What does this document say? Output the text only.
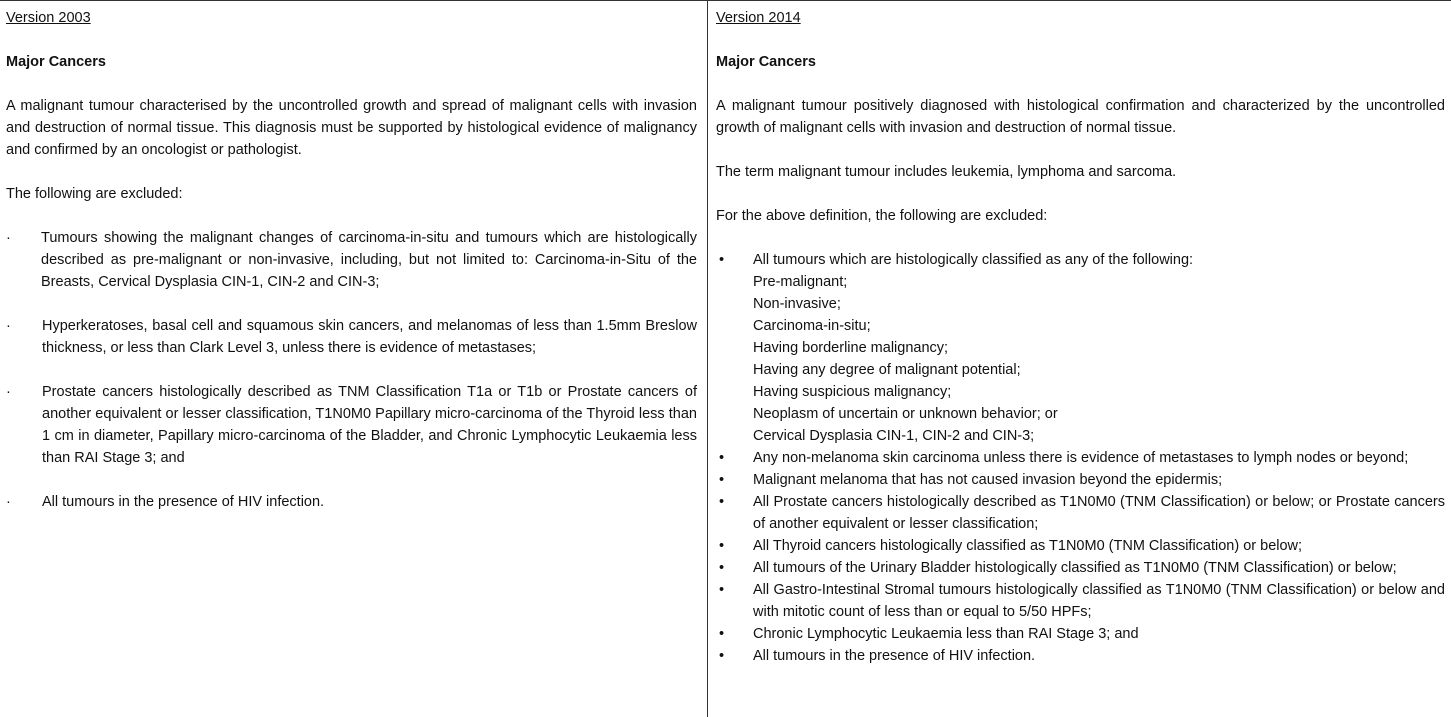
Version 2003

Major Cancers

A malignant tumour characterised by the uncontrolled growth and spread of malignant cells with invasion and destruction of normal tissue. This diagnosis must be supported by histological evidence of malignancy and confirmed by an oncologist or pathologist.

The following are excluded:

·	Tumours showing the malignant changes of carcinoma-in-situ and tumours which are histologically described as pre-malignant or non-invasive, including, but not limited to: Carcinoma-in-Situ of the Breasts, Cervical Dysplasia CIN-1, CIN-2 and CIN-3;
·	Hyperkeratoses, basal cell and squamous skin cancers, and melanomas of less than 1.5mm Breslow thickness, or less than Clark Level 3, unless there is evidence of metastases;
·	Prostate cancers histologically described as TNM Classification T1a or T1b or Prostate cancers of another equivalent or lesser classification, T1N0M0 Papillary micro-carcinoma of the Thyroid less than 1 cm in diameter, Papillary micro-carcinoma of the Bladder, and Chronic Lymphocytic Leukaemia less than RAI Stage 3; and
·	All tumours in the presence of HIV infection.

Version 2014

Major Cancers

A malignant tumour positively diagnosed with histological confirmation and characterized by the uncontrolled growth of malignant cells with invasion and destruction of normal tissue.

The term malignant tumour includes leukemia, lymphoma and sarcoma.

For the above definition, the following are excluded:

•	All tumours which are histologically classified as any of the following:

Pre-malignant;

Non-invasive;

Carcinoma-in-situ;

Having borderline malignancy;

Having any degree of malignant potential;

Having suspicious malignancy;

Neoplasm of uncertain or unknown behavior; or

Cervical Dysplasia CIN-1, CIN-2 and CIN-3;

•	Any non-melanoma skin carcinoma unless there is evidence of metastases to lymph nodes or beyond;
•	Malignant melanoma that has not caused invasion beyond the epidermis;
•	All Prostate cancers histologically described as T1N0M0 (TNM Classification) or below; or Prostate cancers of another equivalent or lesser classification;
•	All Thyroid cancers histologically classified as T1N0M0 (TNM Classification) or below;
•	All tumours of the Urinary Bladder histologically classified as T1N0M0 (TNM Classification) or below;
•	All Gastro-Intestinal Stromal tumours histologically classified as T1N0M0 (TNM Classification) or below and with mitotic count of less than or equal to 5/50 HPFs;
•	Chronic Lymphocytic Leukaemia less than RAI Stage 3; and
•	All tumours in the presence of HIV infection.
